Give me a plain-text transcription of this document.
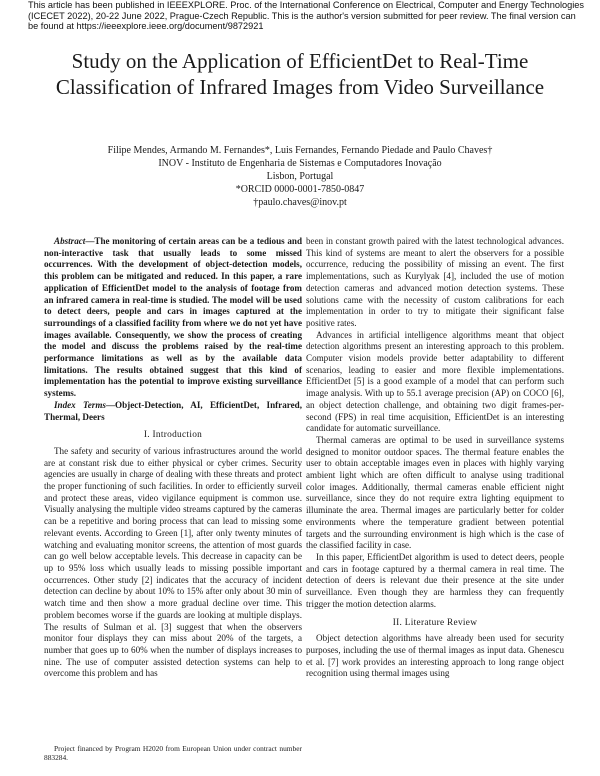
This article has been published in IEEEXPLORE. Proc. of the International Conference on Electrical, Computer and Energy Technologies (ICECET 2022), 20-22 June 2022, Prague-Czech Republic. This is the author's version submitted for peer review. The final version can be found at https://ieeexplore.ieee.org/document/9872921
Study on the Application of EfficientDet to Real-Time Classification of Infrared Images from Video Surveillance
Filipe Mendes, Armando M. Fernandes*, Luis Fernandes, Fernando Piedade and Paulo Chaves†
INOV - Instituto de Engenharia de Sistemas e Computadores Inovação
Lisbon, Portugal
*ORCID 0000-0001-7850-0847
†paulo.chaves@inov.pt

Abstract—The monitoring of certain areas can be a tedious and non-interactive task that usually leads to some missed occurrences. With the development of object-detection models, this problem can be mitigated and reduced. In this paper, a rare application of EfficientDet model to the analysis of footage from an infrared camera in real-time is studied. The model will be used to detect deers, people and cars in images captured at the surroundings of a classified facility from where we do not yet have images available. Consequently, we show the process of creating the model and discuss the problems raised by the real-time performance limitations as well as by the available data limitations. The results obtained suggest that this kind of implementation has the potential to improve existing surveillance systems.

Index Terms—Object-Detection, AI, EfficientDet, Infrared, Thermal, Deers

I. Introduction

The safety and security of various infrastructures around the world are at constant risk due to either physical or cyber crimes. Security agencies are usually in charge of dealing with these threats and protect the proper functioning of such facilities. In order to efficiently surveil and protect these areas, video vigilance equipment is common use. Visually analysing the multiple video streams captured by the cameras can be a repetitive and boring process that can lead to missing some relevant events. According to Green [1], after only twenty minutes of watching and evaluating monitor screens, the attention of most guards can go well below acceptable levels. This decrease in capacity can be up to 95% loss which usually leads to missing possible important occurrences. Other study [2] indicates that the accuracy of incident detection can decline by about 10% to 15% after only about 30 min of watch time and then show a more gradual decline over time. This problem becomes worse if the guards are looking at multiple displays. The results of Sulman et al. [3] suggest that when the observers monitor four displays they can miss about 20% of the targets, a number that goes up to 60% when the number of displays increases to nine. The use of computer assisted detection systems can help to overcome this problem and has

Project financed by Program H2020 from European Union under contract number 883284.

been in constant growth paired with the latest technological advances. This kind of systems are meant to alert the observers for a possible occurrence, reducing the possibility of missing an event. The first implementations, such as Kurylyak [4], included the use of motion detection cameras and advanced motion detection systems. These solutions came with the necessity of custom calibrations for each implementation in order to try to mitigate their significant false positive rates.

Advances in artificial intelligence algorithms meant that object detection algorithms present an interesting approach to this problem. Computer vision models provide better adaptability to different scenarios, leading to easier and more flexible implementations. EfficientDet [5] is a good example of a model that can perform such image analysis. With up to 55.1 average precision (AP) on COCO [6], an object detection challenge, and obtaining two digit frames-per-second (FPS) in real time acquisition, EfficientDet is an interesting candidate for automatic surveillance.

Thermal cameras are optimal to be used in surveillance systems designed to monitor outdoor spaces. The thermal feature enables the user to obtain acceptable images even in places with highly varying ambient light which are often difficult to analyse using traditional color images. Additionally, thermal cameras enable efficient night surveillance, since they do not require extra lighting equipment to illuminate the area. Thermal images are particularly better for colder environments where the temperature gradient between potential targets and the surrounding environment is high which is the case of the classified facility in case.

In this paper, EfficientDet algorithm is used to detect deers, people and cars in footage captured by a thermal camera in real time. The detection of deers is relevant due their presence at the site under surveillance. Even though they are harmless they can frequently trigger the motion detection alarms.

II. Literature Review

Object detection algorithms have already been used for security purposes, including the use of thermal images as input data. Ghenescu et al. [7] work provides an interesting approach to long range object recognition using thermal images using
